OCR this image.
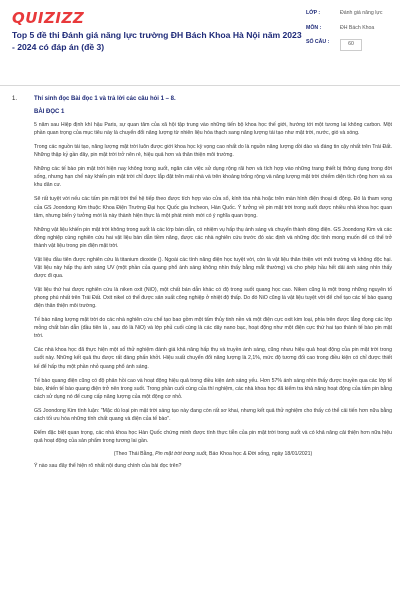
QUIZIZZ
Top 5 đề thi Đánh giá năng lực trường ĐH Bách Khoa Hà Nội năm 2023 - 2024 có đáp án (đề 3)
LỚP :	Đánh giá năng lực
MÔN :	ĐH Bách Khoa
SỐ CÂU :	60
1.	Thí sinh đọc Bài đọc 1 và trả lời các câu hỏi 1 – 8.
BÀI ĐỌC 1

5 năm sau Hiệp định khí hậu Paris, sự quan tâm của xã hội tập trung vào những tiến bộ khoa học thế giới, hướng tới một tương lai không carbon. Một phần quan trọng của mục tiêu này là chuyển đổi năng lượng từ nhiên liệu hóa thạch sang năng lượng tái tạo như mặt trời, nước, gió và sóng.

Trong các nguồn tái tạo, năng lượng mặt trời luôn được giới khoa học kỳ vọng cao nhất do là nguồn năng lượng dồi dào và đáng tin cậy nhất trên Trái Đất. Những thập kỷ gần đây, pin mặt trời trở nên rẻ, hiệu quả hơn và thân thiện môi trường.

Những các tế bào pin mặt trời hiện nay không trong suốt, ngăn cản việc sử dụng rộng rãi hơn và tích hợp vào những trang thiết bị thông dụng trong đời sống, nhưng hạn chế này khiến pin mặt trời chỉ được lắp đặt trên mái nhà và trên khoảng trống rộng và năng lượng mặt trời chiếm diện tích rộng hơn và xa khu dân cư.

Sẽ rất tuyệt vời nếu các tấm pin mặt trời thế hệ tiếp theo được tích hợp vào cửa sổ, kính tòa nhà hoặc trên màn hình điện thoại di động. Đó là tham vọng của GS Joondong Kim thuộc Khoa Điện Trường Đại học Quốc gia Incheon, Hàn Quốc. Ý tưởng về pin mặt trời trong suốt được nhiều nhà khoa học quan tâm, nhưng biến ý tưởng mới là này thành hiện thực là một phát minh mới có ý nghĩa quan trọng.

Những vật liệu khiến pin mặt trời không trong suốt là các lớp bán dẫn, có nhiệm vụ hấp thụ ánh sáng và chuyển thành dòng điện. GS Joondong Kim và các đồng nghiệp cùng nghiên cứu hai vật liệu bán dẫn tiềm năng, được các nhà nghiên cứu trước đó xác định và những độc tính mong muốn để có thể trở thành vật liệu trong pin điện mặt trời.

Vật liệu đầu tiên được nghiên cứu là titanium dioxide (). Ngoài các tính năng điện học tuyệt vời, còn là vật liệu thân thiện với môi trường và không độc hại. Vật liệu này hấp thụ ánh sáng UV (một phần của quang phổ ánh sáng không nhìn thấy bằng mắt thường) và cho phép hầu hết dải ánh sáng nhìn thấy được đi qua.

Vật liệu thứ hai được nghiên cứu là niken oxit (NiO), một chất bán dẫn khác có độ trong suốt quang học cao. Niken cũng là một trong những nguyên tố phong phú nhất trên Trái Đất. Oxit nikel có thể được sản xuất công nghiệp ở nhiệt độ thấp. Do đó NiO cũng là vật liệu tuyệt vời để chế tạo các tế bào quang điện thân thiện môi trường.

Tế bào năng lượng mặt trời do các nhà nghiên cứu chế tạo bao gồm một tấm thủy tinh nền và một điện cực oxit kim loại, phía trên được lắng đọng các lớp mỏng chất bán dẫn (đầu tiên là , sau đó là NiO) và lớp phủ cuối cùng là các dây nano bạc, hoạt động như một điện cực thứ hai tạo thành tế bào pin mặt trời.

Các nhà khoa học đã thực hiện một số thử nghiệm đánh giá khả năng hấp thụ và truyền ánh sáng, cũng nhưu hiệu quả hoạt động của pin mặt trời trong suốt này. Những kết quả thu được rất đáng phấn khởi. Hiệu suất chuyển đổi năng lượng là 2,1%, mức độ tương đối cao trong điều kiện có chỉ được thiết kế để hấp thụ một phần nhỏ quang phổ ánh sáng.

Tế bào quang điện cũng có độ phản hồi cao và hoạt động hiệu quả trong điều kiện ánh sáng yếu. Hơn 57% ánh sáng nhìn thấy được truyền qua các lớp tế bào, khiến tế bào quang điện trở nên trong suốt. Trong phần cuối cùng của thí nghiệm, các nhà khoa học đã kiểm tra khả năng hoạt động của tấm pin bằng cách sử dụng nó để cung cấp năng lượng của một động cơ nhỏ.

GS Joondong Kim tính luận: "Mặc dù loại pin mặt trời sáng tạo này đang còn rất sơ khai, nhưng kết quả thử nghiệm cho thấy có thể cải tiến hơn nữa bằng cách tối ưu hóa những tính chất quang và điện của tế bào".

Điểm đặc biệt quan trọng, các nhà khoa học Hàn Quốc chứng minh được tính thực tiễn của pin mặt trời trong suốt và có khả năng cải thiện hơn nữa hiệu quả hoạt động của sản phẩm trong tương lai gần.

(Theo Thái Bằng, Pin mặt trời trong suốt, Báo Khoa học & Đời sống, ngày 18/01/2021)

Ý nào sau đây thể hiện rõ nhất nội dung chính của bài đọc trên?
